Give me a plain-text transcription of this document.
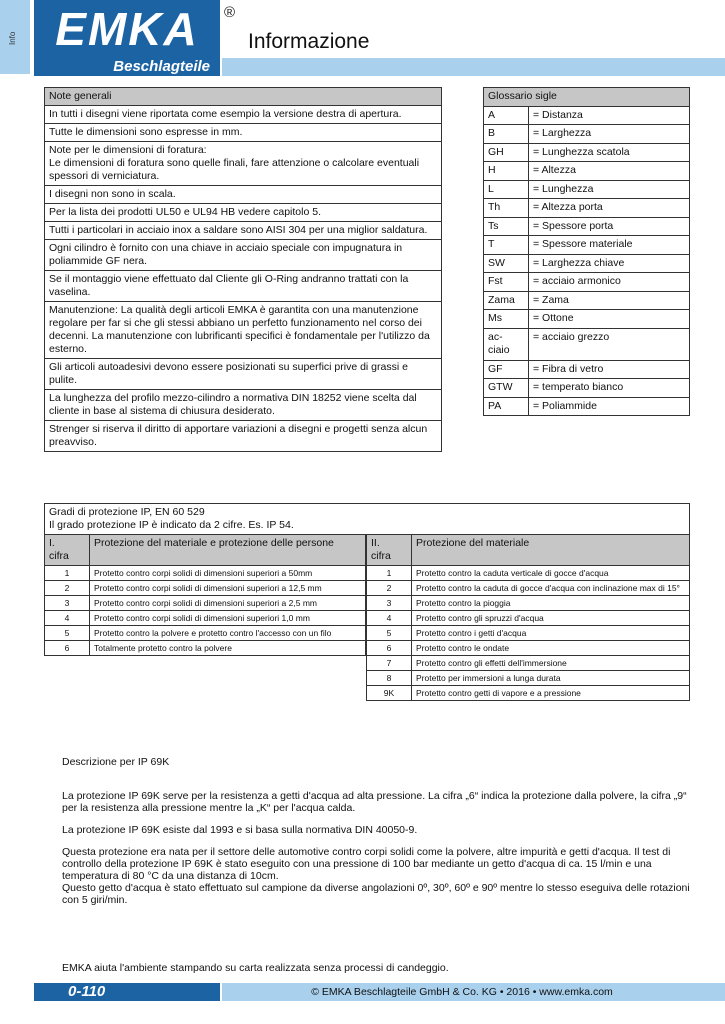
Info EMKA	®
Beschlagteile
Informazione
Note generali
In tutti i disegni viene riportata come esempio la versione destra di apertura.
Tutte le dimensioni sono espresse in mm.
Note per le dimensioni di foratura:
Le dimensioni di foratura sono quelle finali, fare attenzione o calcolare eventuali spessori di verniciatura.
I disegni non sono in scala.
Per la lista dei prodotti UL50 e UL94 HB vedere capitolo 5.
Tutti i particolari in acciaio inox a saldare sono AISI 304 per una miglior saldatura.
Ogni cilindro è fornito con una chiave in acciaio speciale con impugnatura in poliammide GF nera.
Se il montaggio viene effettuato dal Cliente gli O-Ring andranno trattati con la vaselina.
Manutenzione: La qualità degli articoli EMKA è garantita con una manutenzione regolare per far si che gli stessi abbiano un perfetto funzionamento nel corso dei decenni. La manutenzione con lubrificanti specifici è fondamentale per l'utilizzo da esterno.
Gli articoli autoadesivi devono essere posizionati su superfici prive di grassi e pulite.
La lunghezza del profilo mezzo-cilindro a normativa DIN 18252 viene scelta dal cliente in base al sistema di chiusura desiderato.
Strenger si riserva il diritto di apportare variazioni a disegni e progetti senza alcun preavviso.
Glossario sigle	
A	= Distanza
B	= Larghezza
GH	= Lunghezza scatola
H	= Altezza
L	= Lunghezza
Th	= Altezza porta
Ts	= Spessore porta
T	= Spessore materiale
SW	= Larghezza chiave
Fst	= acciaio armonico
Zama	= Zama
Ms	= Ottone
ac-
ciaio	= acciaio grezzo
GF	= Fibra di vetro
GTW	= temperato bianco
PA	= Poliammide
Gradi di protezione IP, EN 60 529
Il grado protezione IP è indicato da 2 cifre. Es. IP 54.
I.
cifra	Protezione del materiale e protezione delle persone
1	Protetto contro corpi solidi di dimensioni superiori a 50mm
2	Protetto contro corpi solidi di dimensioni superiori a 12,5 mm
3	Protetto contro corpi solidi di dimensioni superiori a 2,5 mm
4	Protetto contro corpi solidi di dimensioni superiori 1,0 mm
5	Protetto contro la polvere e protetto contro l'accesso con un filo
6	Totalmente protetto contro la polvere
II.
cifra	Protezione del materiale
1	Protetto contro la caduta verticale di gocce d'acqua
2	Protetto contro la caduta di gocce d'acqua con inclinazione max di 15°
3	Protetto contro la pioggia
4	Protetto contro gli spruzzi d'acqua
5	Protetto contro i getti d'acqua
6	Protetto contro le ondate
7	Protetto contro gli effetti dell'immersione
8	Protetto per immersioni a lunga durata
9K	Protetto contro getti di vapore e a pressione
Descrizione per IP 69K
La protezione IP 69K serve per la resistenza a getti d'acqua ad alta pressione. La cifra „6“ indica la protezione dalla polvere, la cifra „9“ per la resistenza alla pressione mentre la „K“ per l'acqua calda.
La protezione IP 69K esiste dal 1993 e si basa sulla normativa DIN 40050-9.
Questa protezione era nata per il settore delle automotive contro corpi solidi come la polvere, altre impurità e getti d'acqua. Il test di controllo della protezione IP 69K è stato eseguito con una pressione di 100 bar mediante un getto d'acqua di ca. 15 l/min e una temperatura di 80 °C da una distanza di 10cm.
Questo getto d'acqua è stato effettuato sul campione da diverse angolazioni 0º, 30º, 60º e 90º mentre lo stesso eseguiva delle rotazioni con 5 giri/min.
EMKA aiuta l'ambiente stampando su carta realizzata senza processi di candeggio.
0-110	© EMKA Beschlagteile GmbH & Co. KG • 2016 • www.emka.com
